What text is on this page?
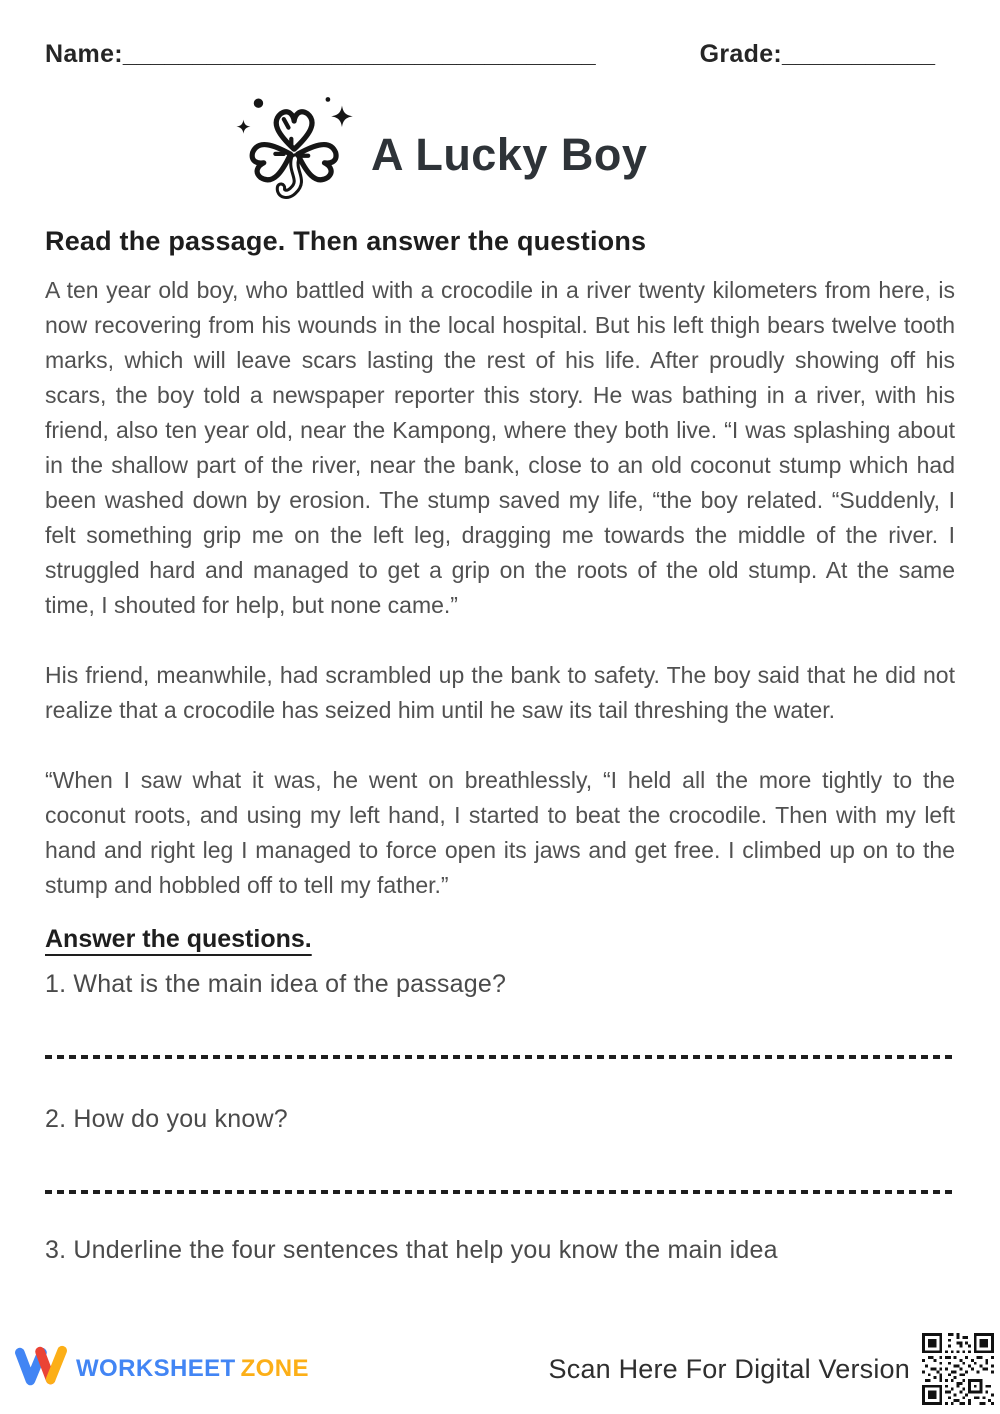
Name:__________________________________	Grade:___________
A Lucky Boy
Read the passage. Then answer the questions

A ten year old boy, who battled with a crocodile in a river twenty kilometers from here, is now recovering from his wounds in the local hospital. But his left thigh bears twelve tooth marks, which will leave scars lasting the rest of his life. After proudly showing off his scars, the boy told a newspaper reporter this story. He was bathing in a river, with his friend, also ten year old, near the Kampong, where they both live. “I was splashing about in the shallow part of the river, near the bank, close to an old coconut stump which had been washed down by erosion. The stump saved my life, “the boy related. “Suddenly, I felt something grip me on the left leg, dragging me towards the middle of the river. I struggled hard and managed to get a grip on the roots of the old stump. At the same time, I shouted for help, but none came.”

His friend, meanwhile, had scrambled up the bank to safety. The boy said that he did not realize that a crocodile has seized him until he saw its tail threshing the water.

“When I saw what it was, he went on breathlessly, “I held all the more tightly to the coconut roots, and using my left hand, I started to beat the crocodile. Then with my left hand and right leg I managed to force open its jaws and get free. I climbed up on to the stump and hobbled off to tell my father.”

Answer the questions.
1. What is the main idea of the passage?
2. How do you know?
3. Underline the four sentences that help you know the main idea
WORKSHEET ZONE	Scan Here For Digital Version
